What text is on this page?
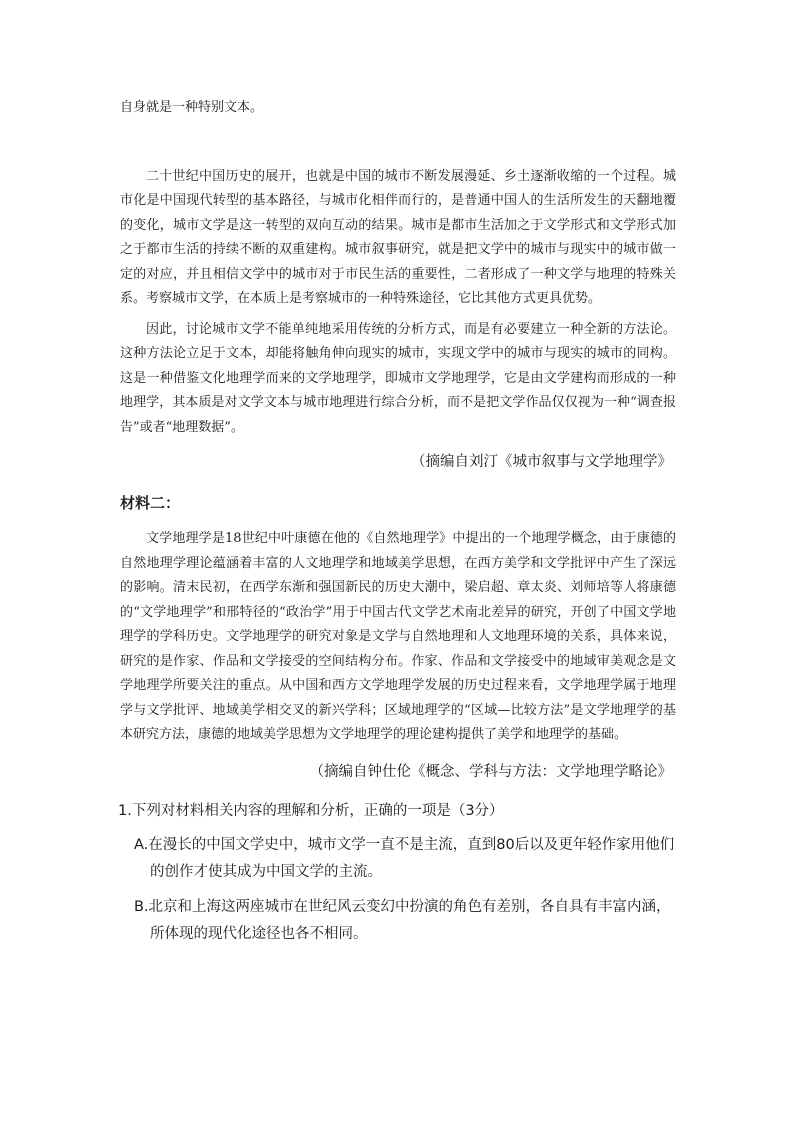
自身就是一种特别文本。

二十世纪中国历史的展开，也就是中国的城市不断发展漫延、乡土逐渐收缩的一个过程。城市化是中国现代转型的基本路径，与城市化相伴而行的，是普通中国人的生活所发生的天翻地覆的变化，城市文学是这一转型的双向互动的结果。城市是都市生活加之于文学形式和文学形式加之于都市生活的持续不断的双重建构。城市叙事研究，就是把文学中的城市与现实中的城市做一定的对应，并且相信文学中的城市对于市民生活的重要性，二者形成了一种文学与地理的特殊关系。考察城市文学，在本质上是考察城市的一种特殊途径，它比其他方式更具优势。

因此，讨论城市文学不能单纯地采用传统的分析方式，而是有必要建立一种全新的方法论。这种方法论立足于文本，却能将触角伸向现实的城市，实现文学中的城市与现实的城市的同构。这是一种借鉴文化地理学而来的文学地理学，即城市文学地理学，它是由文学建构而形成的一种地理学，其本质是对文学文本与城市地理进行综合分析，而不是把文学作品仅仅视为一种“调查报告”或者“地理数据”。

（摘编自刘汀《城市叙事与文学地理学》

材料二：

文学地理学是18世纪中叶康德在他的《自然地理学》中提出的一个地理学概念，由于康德的自然地理学理论蕴涵着丰富的人文地理学和地域美学思想，在西方美学和文学批评中产生了深远的影响。清末民初，在西学东渐和强国新民的历史大潮中，梁启超、章太炎、刘师培等人将康德的“文学地理学”和邢特径的“政治学”用于中国古代文学艺术南北差异的研究，开创了中国文学地理学的学科历史。文学地理学的研究对象是文学与自然地理和人文地理环境的关系，具体来说，研究的是作家、作品和文学接受的空间结构分布。作家、作品和文学接受中的地域审美观念是文学地理学所要关注的重点。从中国和西方文学地理学发展的历史过程来看，文学地理学属于地理学与文学批评、地域美学相交叉的新兴学科；区域地理学的“区域—比较方法”是文学地理学的基本研究方法，康德的地域美学思想为文学地理学的理论建构提供了美学和地理学的基础。

（摘编自钟仕伦《概念、学科与方法：文学地理学略论》

1.下列对材料相关内容的理解和分析，正确的一项是（3分）

A.在漫长的中国文学史中，城市文学一直不是主流，直到80后以及更年轻作家用他们的创作才使其成为中国文学的主流。

B.北京和上海这两座城市在世纪风云变幻中扮演的角色有差别，各自具有丰富内涵，所体现的现代化途径也各不相同。
